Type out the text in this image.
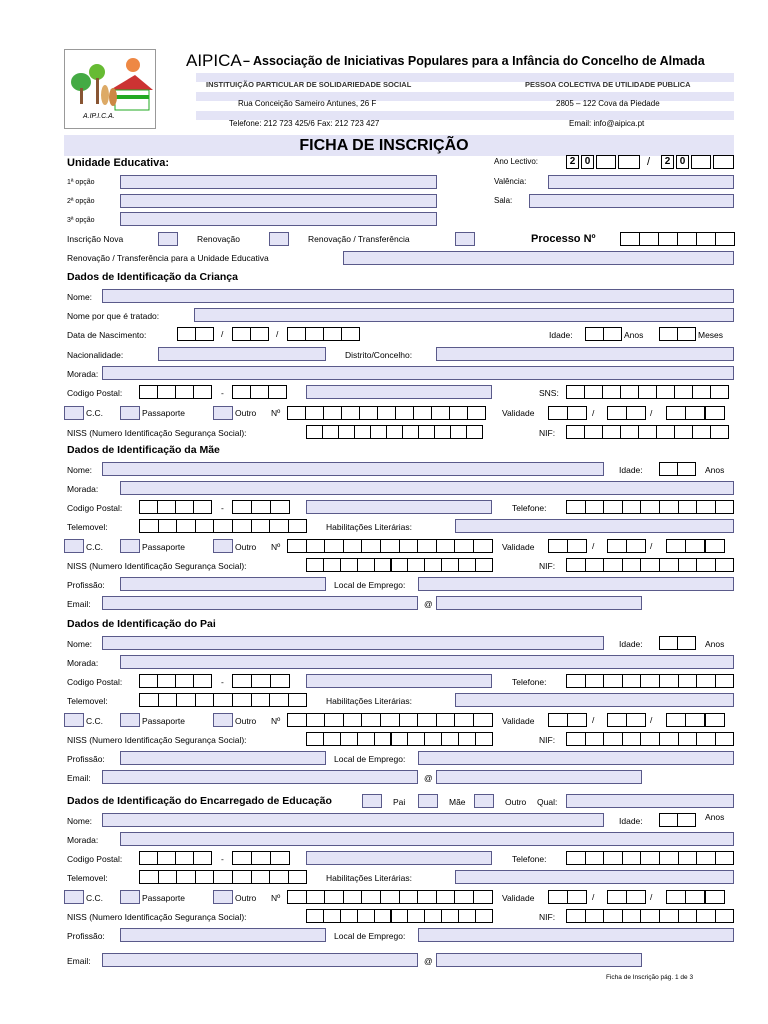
A.IP.I.C.A.
AIPICA – Associação de Iniciativas Populares para a Infância do Concelho de Almada
INSTITUIÇÃO PARTICULAR DE SOLIDARIEDADE SOCIAL	PESSOA COLECTIVA DE UTILIDADE PUBLICA
Rua Conceição Sameiro Antunes, 26 F	2805 – 122 Cova da Piedade
Telefone: 212 723 425/6 Fax: 212 723 427	Email: info@aipica.pt
FICHA DE INSCRIÇÃO
Unidade Educativa:
1ª opção
2ª opção
3ª opção
Ano Lectivo:	2 0	/	2 0
Valência:
Sala:
Inscrição Nova	Renovação	Renovação / Transferência	Processo Nº
Renovação / Transferência para a Unidade Educativa
Dados de Identificação da Criança
Nome:
Nome por que é tratado:
Data de Nascimento:	/	/	Idade:	Anos	Meses
Nacionalidade:	Distrito/Concelho:
Morada:
Codigo Postal:	-	SNS:
C.C.	Passaporte	Outro Nº	Validade	/	/
NISS (Numero Identificação Segurança Social):	NIF:
Dados de Identificação da Mãe
Nome:	Idade:	Anos
Morada:
Codigo Postal:	-	Telefone:
Telemovel:	Habilitações Literárias:
C.C.	Passaporte	Outro Nº	Validade	/	/
NISS (Numero Identificação Segurança Social):	NIF:
Profissão:	Local de Emprego:
Email:	@
Dados de Identificação do Pai
Nome:	Idade:	Anos
Morada:
Codigo Postal:	-	Telefone:
Telemovel:	Habilitações Literárias:
C.C.	Passaporte	Outro Nº	Validade	/	/
NISS (Numero Identificação Segurança Social):	NIF:
Profissão:	Local de Emprego:
Email:	@
Dados de Identificação do Encarregado de Educação	Pai	Mãe	Outro Qual:
Nome:	Idade:	Anos
Morada:
Codigo Postal:	-	Telefone:
Telemovel:	Habilitações Literárias:
C.C.	Passaporte	Outro Nº	Validade	/	/
NISS (Numero Identificação Segurança Social):	NIF:
Profissão:	Local de Emprego:
Email:	@
Ficha de Inscrição pág. 1 de 3
